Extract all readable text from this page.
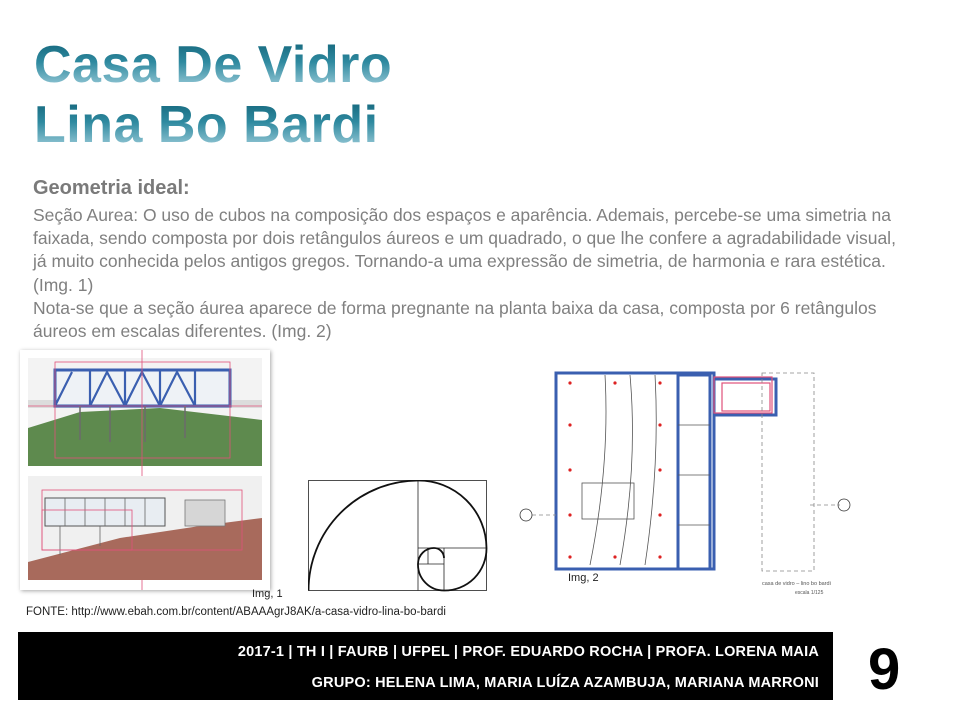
Casa De Vidro
Lina Bo Bardi
Geometria ideal:

Seção Aurea: O uso de cubos na composição dos espaços e aparência. Ademais, percebe-se uma simetria na faixada, sendo composta por dois retângulos áureos e um quadrado, o que lhe confere a agradabilidade visual, já muito conhecida pelos antigos gregos. Tornando-a uma expressão de simetria, de harmonia e rara estética. (Img. 1)

Nota-se que a seção áurea aparece de forma pregnante na planta baixa da casa, composta por 6 retângulos áureos em escalas diferentes. (Img. 2)

Img, 1
casa de vidro – lino bo bardi
Img, 2
escala 1/125
FONTE: http://www.ebah.com.br/content/ABAAAgrJ8AK/a-casa-vidro-lina-bo-bardi
2017-1 | TH I | FAURB | UFPEL | PROF. EDUARDO ROCHA | PROFA. LORENA MAIA
GRUPO: HELENA LIMA, MARIA LUÍZA AZAMBUJA, MARIANA MARRONI 9
